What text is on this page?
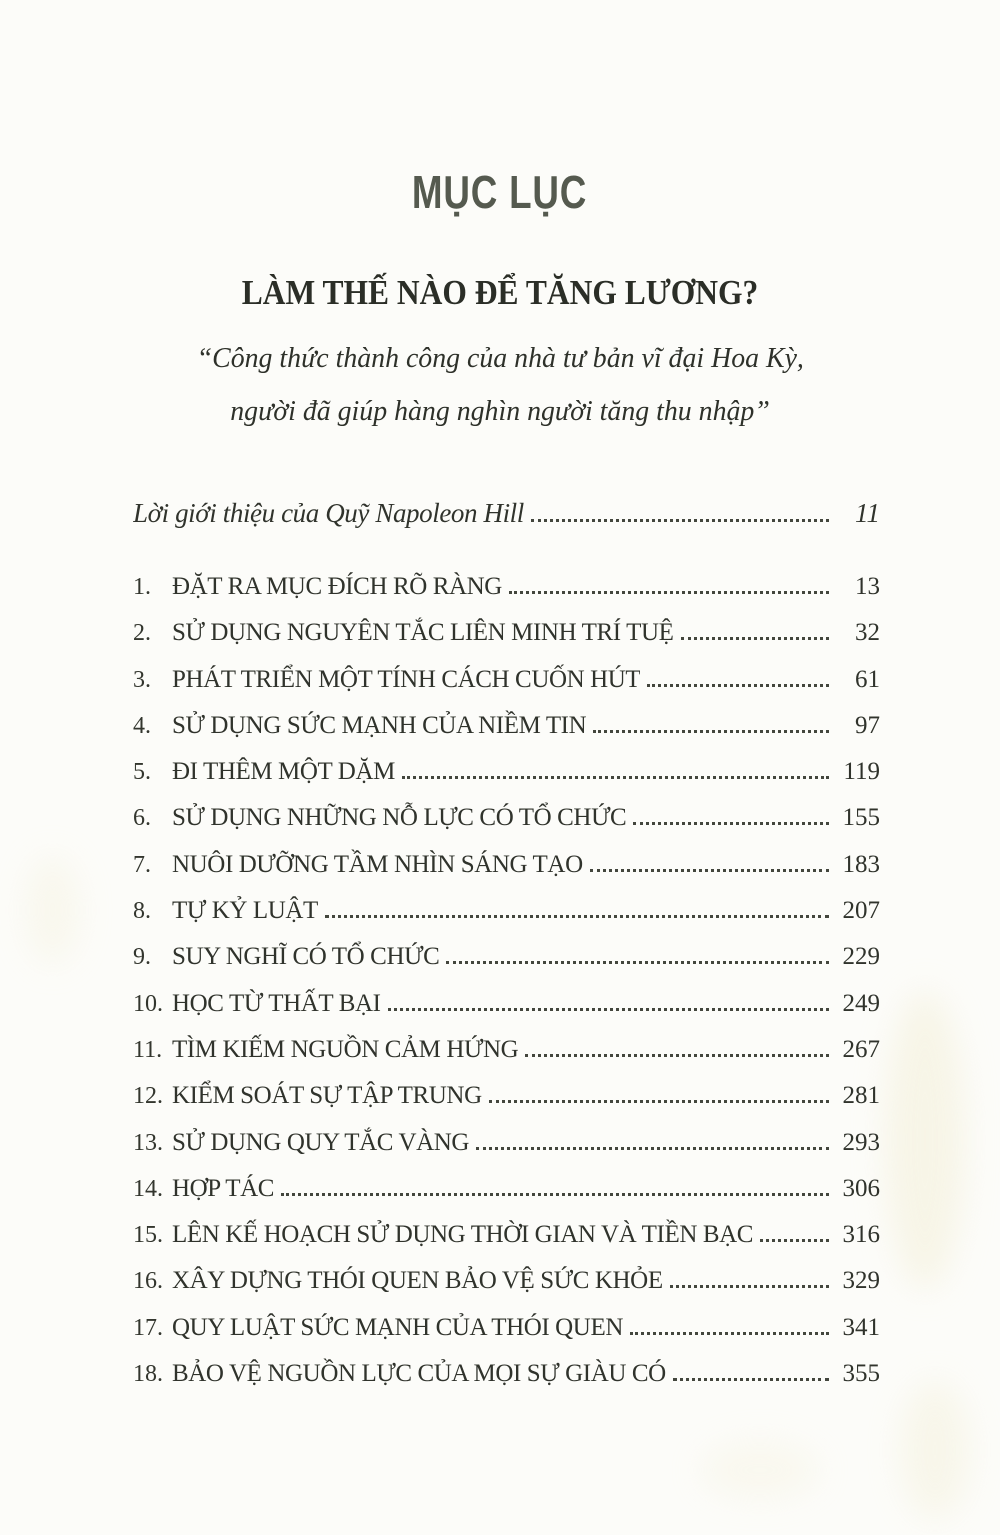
MỤC LỤC
LÀM THẾ NÀO ĐỂ TĂNG LƯƠNG?
“Công thức thành công của nhà tư bản vĩ đại Hoa Kỳ,
người đã giúp hàng nghìn người tăng thu nhập”
Lời giới thiệu của Quỹ Napoleon Hill	11
1. ĐẶT RA MỤC ĐÍCH RÕ RÀNG	13
2. SỬ DỤNG NGUYÊN TẮC LIÊN MINH TRÍ TUỆ	32
3. PHÁT TRIỂN MỘT TÍNH CÁCH CUỐN HÚT	61
4. SỬ DỤNG SỨC MẠNH CỦA NIỀM TIN	97
5. ĐI THÊM MỘT DẶM	119
6. SỬ DỤNG NHỮNG NỖ LỰC CÓ TỔ CHỨC	155
7. NUÔI DƯỠNG TẦM NHÌN SÁNG TẠO	183
8. TỰ KỶ LUẬT	207
9. SUY NGHĨ CÓ TỔ CHỨC	229
10. HỌC TỪ THẤT BẠI	249
11. TÌM KIẾM NGUỒN CẢM HỨNG	267
12. KIỂM SOÁT SỰ TẬP TRUNG	281
13. SỬ DỤNG QUY TẮC VÀNG	293
14. HỢP TÁC	306
15. LÊN KẾ HOẠCH SỬ DỤNG THỜI GIAN VÀ TIỀN BẠC	316
16. XÂY DỰNG THÓI QUEN BẢO VỆ SỨC KHỎE	329
17. QUY LUẬT SỨC MẠNH CỦA THÓI QUEN	341
18. BẢO VỆ NGUỒN LỰC CỦA MỌI SỰ GIÀU CÓ	355
